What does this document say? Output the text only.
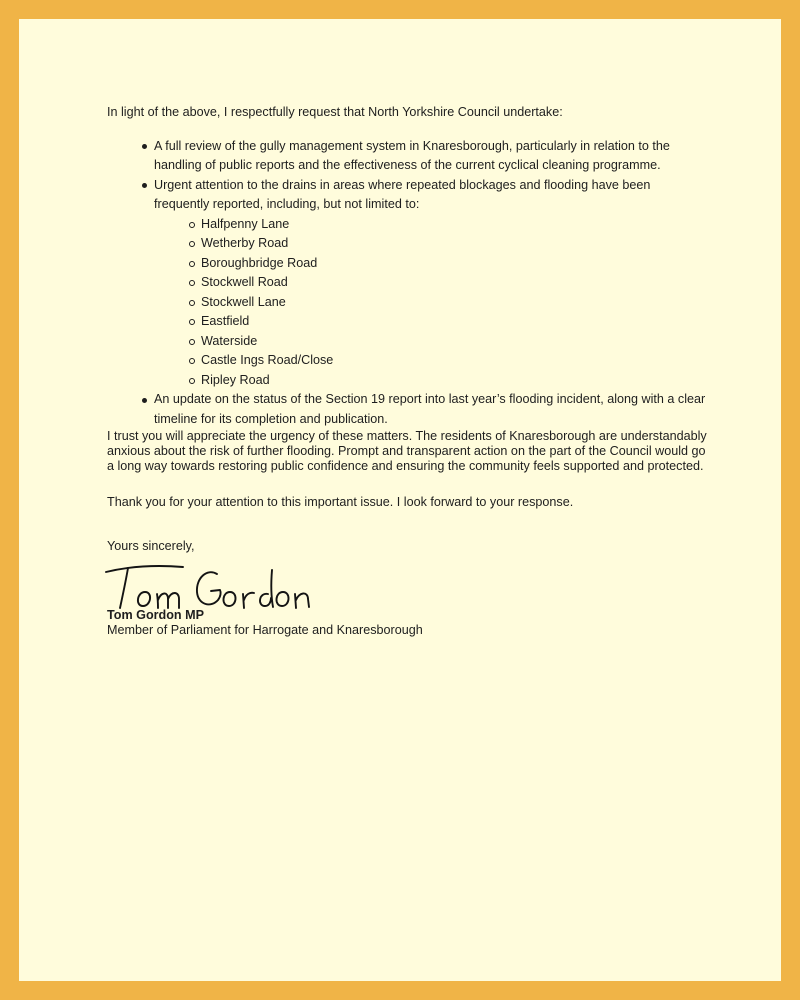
In light of the above, I respectfully request that North Yorkshire Council undertake:

A full review of the gully management system in Knaresborough, particularly in relation to the handling of public reports and the effectiveness of the current cyclical cleaning programme.
Urgent attention to the drains in areas where repeated blockages and flooding have been frequently reported, including, but not limited to:
Halfpenny Lane
Wetherby Road
Boroughbridge Road
Stockwell Road
Stockwell Lane
Eastfield
Waterside
Castle Ings Road/Close
Ripley Road
An update on the status of the Section 19 report into last year’s flooding incident, along with a clear timeline for its completion and publication.

I trust you will appreciate the urgency of these matters. The residents of Knaresborough are understandably anxious about the risk of further flooding. Prompt and transparent action on the part of the Council would go a long way towards restoring public confidence and ensuring the community feels supported and protected.

Thank you for your attention to this important issue. I look forward to your response.

Yours sincerely,

Tom Gordon MP

Member of Parliament for Harrogate and Knaresborough
